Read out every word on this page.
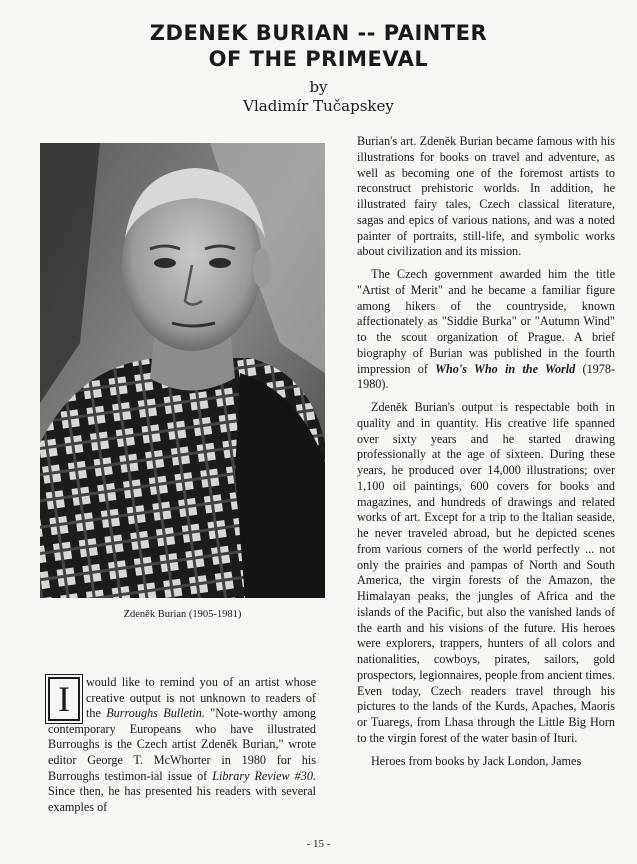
ZDENEK BURIAN -- PAINTER
OF THE PRIMEVAL
by
Vladimír Tučapskey
Zdeněk Burian (1905-1981)
I	would like to remind you of an artist whose creative output is not unknown to readers of the Burroughs Bulletin. "Note-worthy among contemporary Europeans who have illustrated Burroughs is the Czech artist Zdeněk Burian," wrote editor George T. McWhorter in 1980 for his Burroughs testimon-ial issue of Library Review #30. Since then, he has presented his readers with several examples of

Burian's art. Zdeněk Burian became famous with his illustrations for books on travel and adventure, as well as becoming one of the foremost artists to reconstruct prehistoric worlds. In addition, he illustrated fairy tales, Czech classical literature, sagas and epics of various nations, and was a noted painter of portraits, still-life, and symbolic works about civilization and its mission.

The Czech government awarded him the title "Artist of Merit" and he became a familiar figure among hikers of the countryside, known affectionately as "Siddie Burka" or "Autumn Wind" to the scout organization of Prague. A brief biography of Burian was published in the fourth impression of Who's Who in the World (1978-1980).

Zdeněk Burian's output is respectable both in quality and in quantity. His creative life spanned over sixty years and he started drawing professionally at the age of sixteen. During these years, he produced over 14,000 illustrations; over 1,100 oil paintings, 600 covers for books and magazines, and hundreds of drawings and related works of art. Except for a trip to the Italian seaside, he never traveled abroad, but he depicted scenes from various corners of the world perfectly ... not only the prairies and pampas of North and South America, the virgin forests of the Amazon, the Himalayan peaks, the jungles of Africa and the islands of the Pacific, but also the vanished lands of the earth and his visions of the future. His heroes were explorers, trappers, hunters of all colors and nationalities, cowboys, pirates, sailors, gold prospectors, legionnaires, people from ancient times. Even today, Czech readers travel through his pictures to the lands of the Kurds, Apaches, Maoris or Tuaregs, from Lhasa through the Little Big Horn to the virgin forest of the water basin of Ituri.

Heroes from books by Jack London, James

- 15 -
